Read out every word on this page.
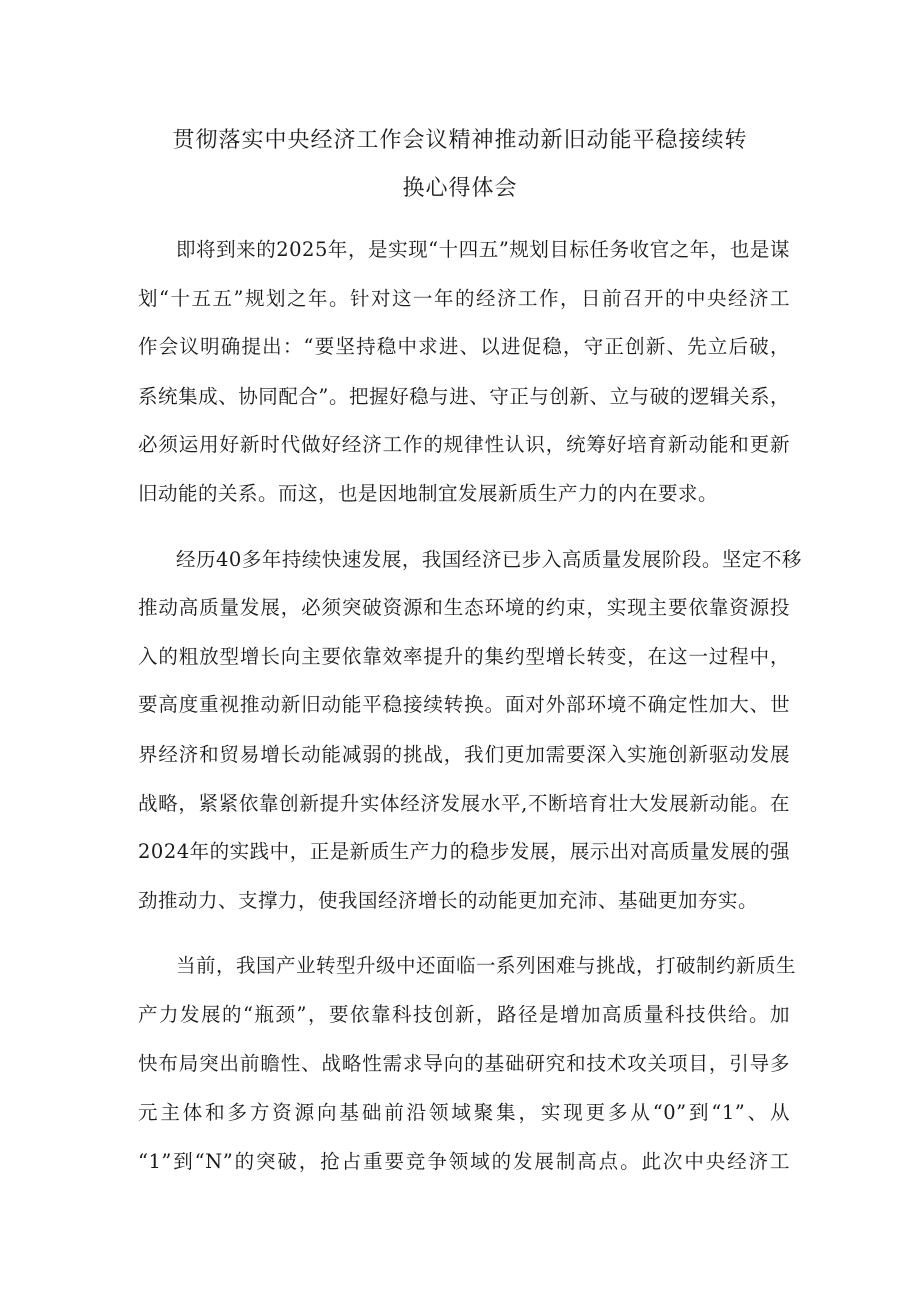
贯彻落实中央经济工作会议精神推动新旧动能平稳接续转
换心得体会
即将到来的2025年，是实现“十四五”规划目标任务收官之年，也是谋
划“十五五”规划之年。针对这一年的经济工作，日前召开的中央经济工
作会议明确提出：“要坚持稳中求进、以进促稳，守正创新、先立后破，
系统集成、协同配合”。把握好稳与进、守正与创新、立与破的逻辑关系，
必须运用好新时代做好经济工作的规律性认识，统筹好培育新动能和更新
旧动能的关系。而这，也是因地制宜发展新质生产力的内在要求。
经历40多年持续快速发展，我国经济已步入高质量发展阶段。坚定不移
推动高质量发展，必须突破资源和生态环境的约束，实现主要依靠资源投
入的粗放型增长向主要依靠效率提升的集约型增长转变，在这一过程中，
要高度重视推动新旧动能平稳接续转换。面对外部环境不确定性加大、世
界经济和贸易增长动能减弱的挑战，我们更加需要深入实施创新驱动发展
战略，紧紧依靠创新提升实体经济发展水平,不断培育壮大发展新动能。在
2024年的实践中，正是新质生产力的稳步发展，展示出对高质量发展的强
劲推动力、支撑力，使我国经济增长的动能更加充沛、基础更加夯实。
当前，我国产业转型升级中还面临一系列困难与挑战，打破制约新质生
产力发展的“瓶颈”，要依靠科技创新，路径是增加高质量科技供给。加
快布局突出前瞻性、战略性需求导向的基础研究和技术攻关项目，引导多
元主体和多方资源向基础前沿领域聚集，实现更多从“0”到“1”、从
“1”到“N”的突破，抢占重要竞争领域的发展制高点。此次中央经济工
